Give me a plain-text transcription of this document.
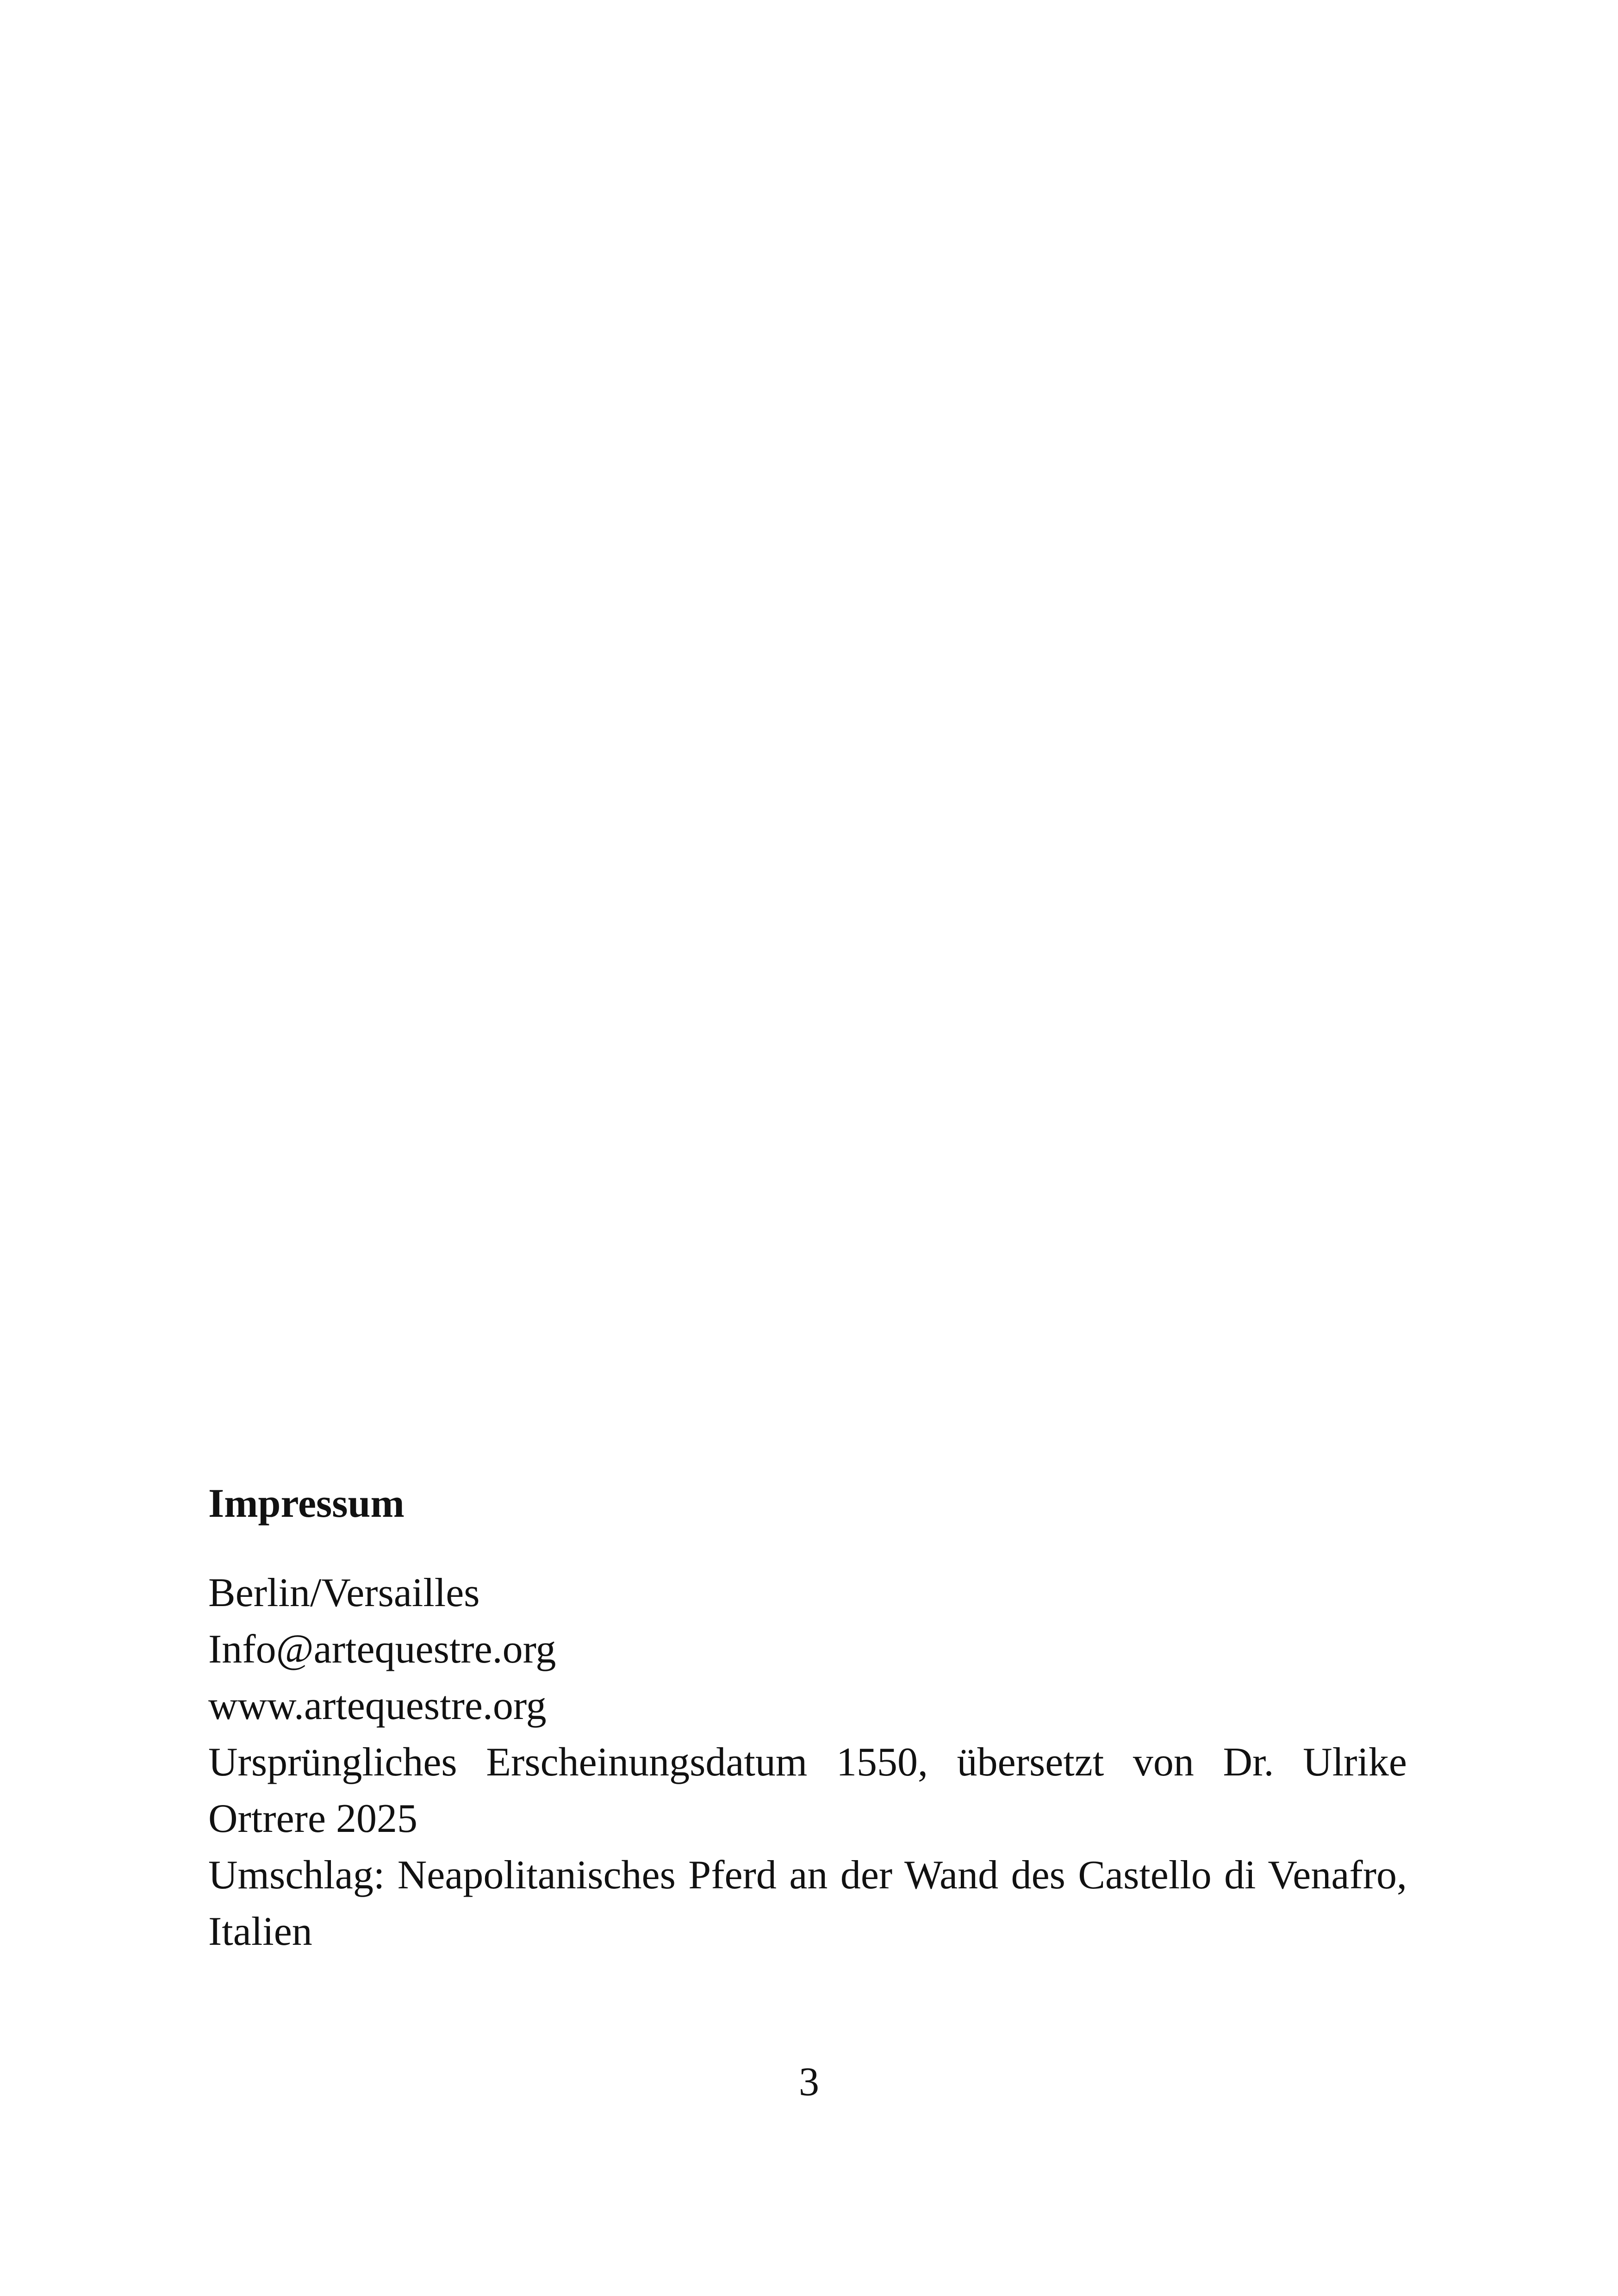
Impressum
Berlin/Versailles
Info@artequestre.org
www.artequestre.org
Ursprüngliches Erscheinungsdatum 1550, übersetzt von Dr. Ulrike Ortrere 2025
Umschlag: Neapolitanisches Pferd an der Wand des Castello di Venafro, Italien
3
